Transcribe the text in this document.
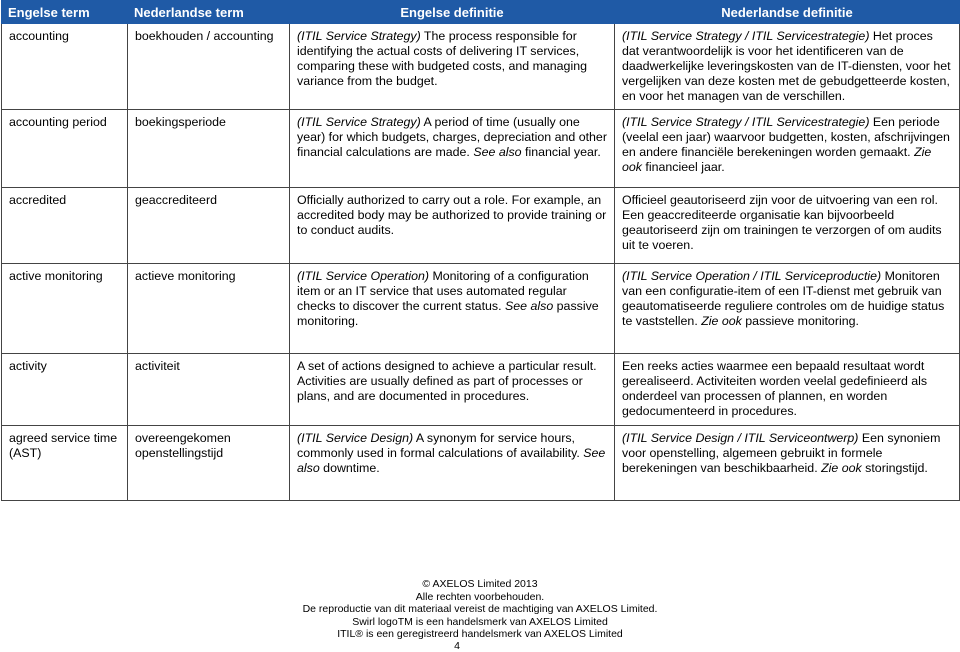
Engelse term	Nederlandse term	Engelse definitie	Nederlandse definitie
accounting	boekhouden / accounting	(ITIL Service Strategy) The process responsible for identifying the actual costs of delivering IT services, comparing these with budgeted costs, and managing variance from the budget.	(ITIL Service Strategy / ITIL Servicestrategie) Het proces dat verantwoordelijk is voor het identificeren van de daadwerkelijke leveringskosten van de IT-diensten, voor het vergelijken van deze kosten met de gebudgetteerde kosten, en voor het managen van de verschillen.
accounting period	boekingsperiode	(ITIL Service Strategy) A period of time (usually one year) for which budgets, charges, depreciation and other financial calculations are made. See also financial year.	(ITIL Service Strategy / ITIL Servicestrategie) Een periode (veelal een jaar) waarvoor budgetten, kosten, afschrijvingen en andere financiële berekeningen worden gemaakt. Zie ook financieel jaar.
accredited	geaccrediteerd	Officially authorized to carry out a role. For example, an accredited body may be authorized to provide training or to conduct audits.	Officieel geautoriseerd zijn voor de uitvoering van een rol. Een geaccrediteerde organisatie kan bijvoorbeeld geautoriseerd zijn om trainingen te verzorgen of om audits uit te voeren.
active monitoring	actieve monitoring	(ITIL Service Operation) Monitoring of a configuration item or an IT service that uses automated regular checks to discover the current status. See also passive monitoring.	(ITIL Service Operation / ITIL Serviceproductie) Monitoren van een configuratie-item of een IT-dienst met gebruik van geautomatiseerde reguliere controles om de huidige status te vaststellen. Zie ook passieve monitoring.
activity	activiteit	A set of actions designed to achieve a particular result. Activities are usually defined as part of processes or plans, and are documented in procedures.	Een reeks acties waarmee een bepaald resultaat wordt gerealiseerd. Activiteiten worden veelal gedefinieerd als onderdeel van processen of plannen, en worden gedocumenteerd in procedures.
agreed service time (AST)	overeengekomen openstellingstijd	(ITIL Service Design) A synonym for service hours, commonly used in formal calculations of availability. See also downtime.	(ITIL Service Design / ITIL Serviceontwerp) Een synoniem voor openstelling, algemeen gebruikt in formele berekeningen van beschikbaarheid. Zie ook storingstijd.
© AXELOS Limited 2013
Alle rechten voorbehouden.
De reproductie van dit materiaal vereist de machtiging van AXELOS Limited.
Swirl logoTM is een handelsmerk van AXELOS Limited
ITIL® is een geregistreerd handelsmerk van AXELOS Limited
4
